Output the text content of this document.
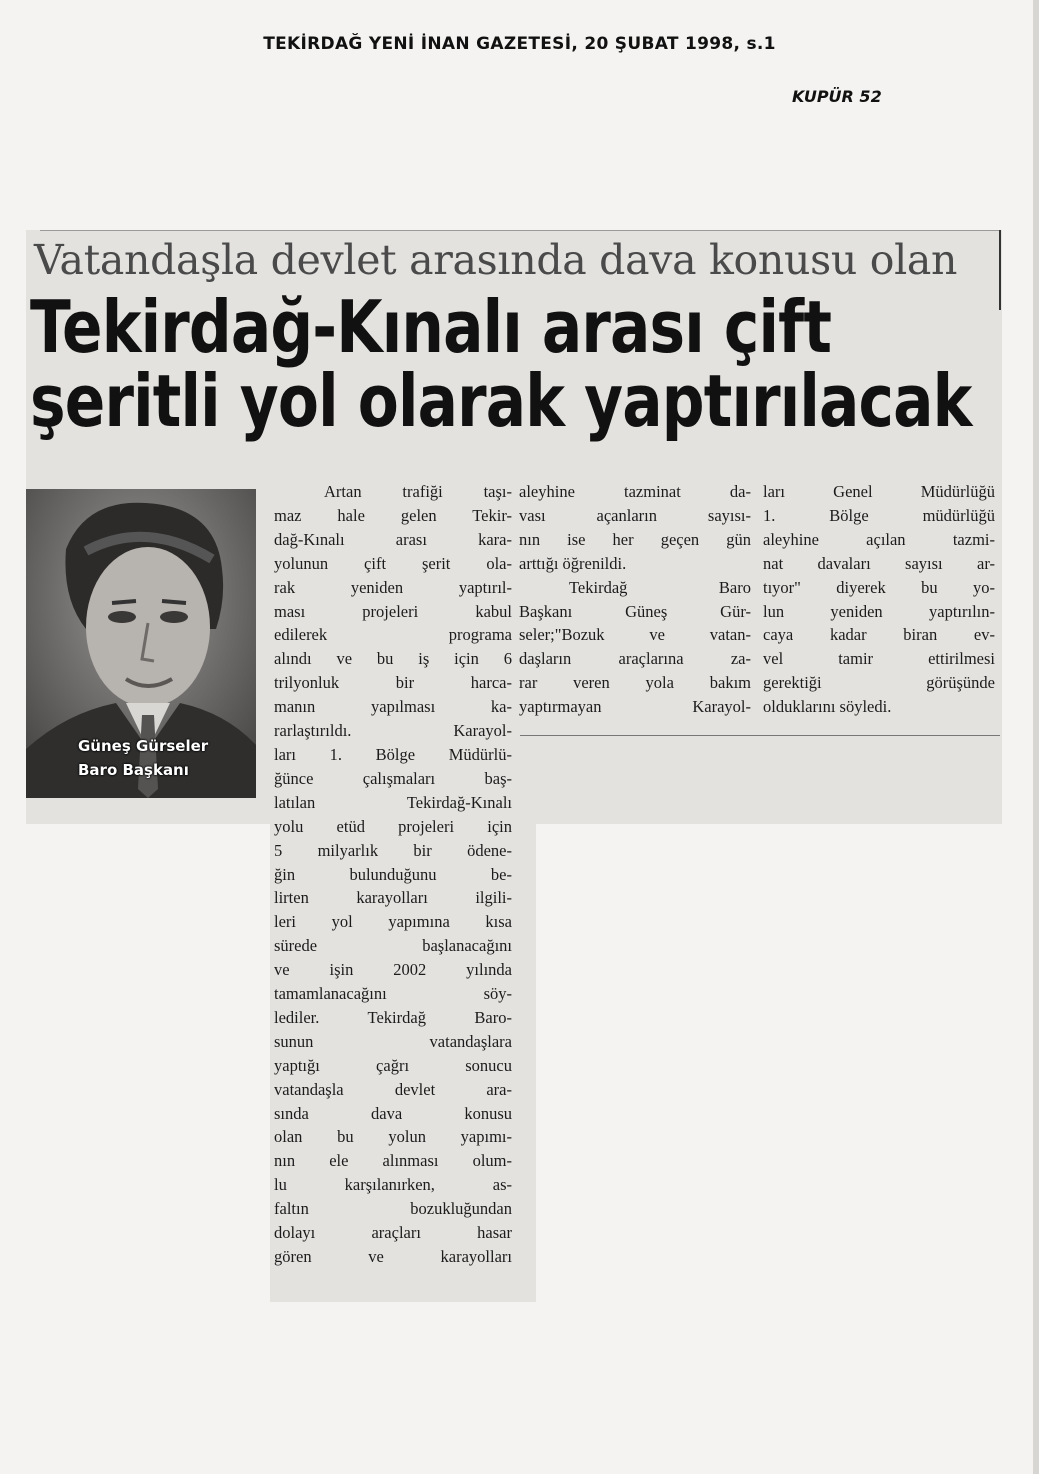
TEKİRDAĞ YENİ İNAN GAZETESİ, 20 ŞUBAT 1998, s.1
KUPÜR 52
Vatandaşla devlet arasında dava konusu olan
Tekirdağ-Kınalı arası çift
şeritli yol olarak yaptırılacak
Güneş Gürseler
Baro Başkanı
Artan trafiği taşı-
maz hale gelen Tekir-
dağ-Kınalı arası kara-
yolunun çift şerit ola-
rak yeniden yaptırıl-
ması projeleri kabul
edilerek programa
alındı ve bu iş için 6
trilyonluk bir harca-
manın yapılması ka-
rarlaştırıldı. Karayol-
ları 1. Bölge Müdürlü-
ğünce çalışmaları baş-
latılan Tekirdağ-Kınalı
yolu etüd projeleri için
5 milyarlık bir ödene-
ğin bulunduğunu be-
lirten karayolları ilgili-
leri yol yapımına kısa
sürede başlanacağını
ve işin 2002 yılında
tamamlanacağını söy-
lediler. Tekirdağ Baro-
sunun vatandaşlara
yaptığı çağrı sonucu
vatandaşla devlet ara-
sında dava konusu
olan bu yolun yapımı-
nın ele alınması olum-
lu karşılanırken, as-
faltın bozukluğundan
dolayı araçları hasar
gören ve karayolları
aleyhine tazminat da-
vası açanların sayısı-
nın ise her geçen gün
arttığı öğrenildi.
Tekirdağ Baro
Başkanı Güneş Gür-
seler;"Bozuk ve vatan-
daşların araçlarına za-
rar veren yola bakım
yaptırmayan Karayol-
ları Genel Müdürlüğü
1. Bölge müdürlüğü
aleyhine açılan tazmi-
nat davaları sayısı ar-
tıyor" diyerek bu yo-
lun yeniden yaptırılın-
caya kadar biran ev-
vel tamir ettirilmesi
gerektiği görüşünde
olduklarını söyledi.
